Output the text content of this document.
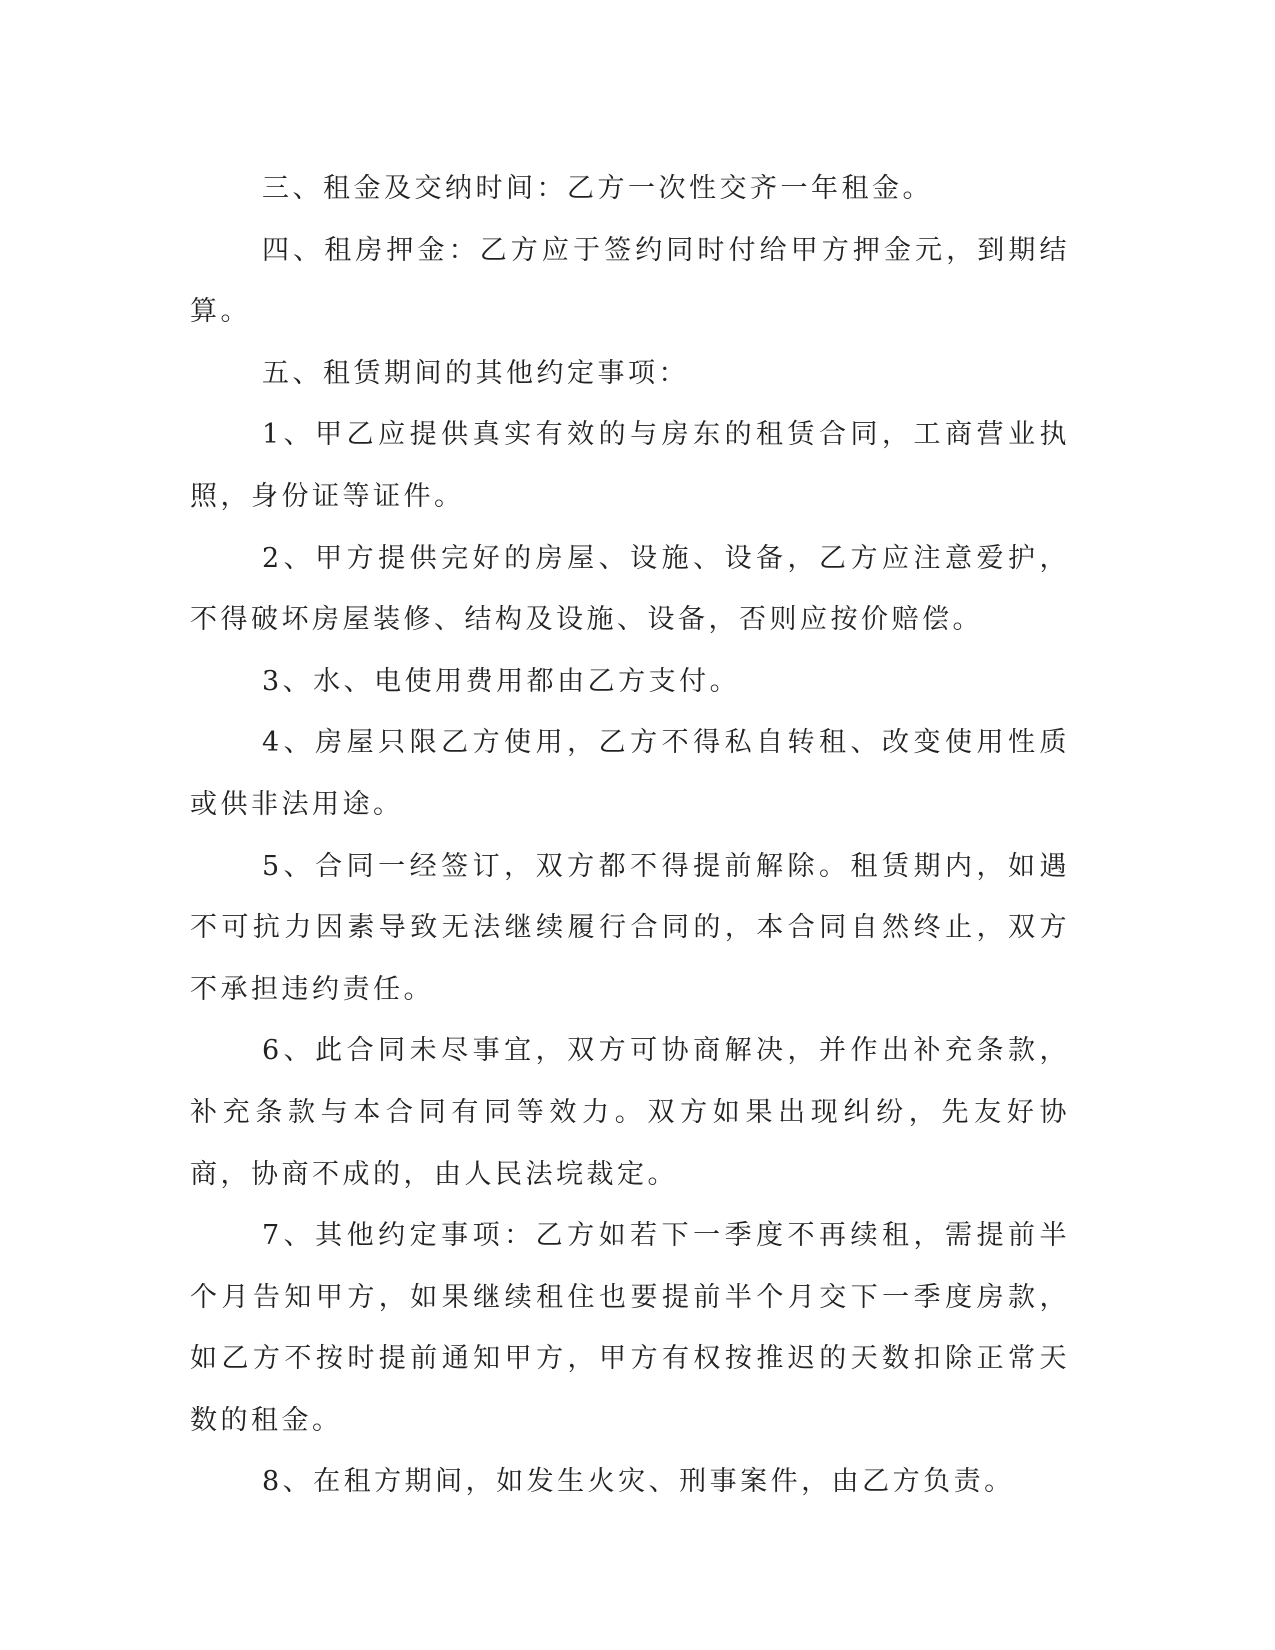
三、租金及交纳时间：乙方一次性交齐一年租金。

四、租房押金：乙方应于签约同时付给甲方押金元，到期结算。

五、租赁期间的其他约定事项：

1、甲乙应提供真实有效的与房东的租赁合同，工商营业执照，身份证等证件。

2、甲方提供完好的房屋、设施、设备，乙方应注意爱护，不得破坏房屋装修、结构及设施、设备，否则应按价赔偿。

3、水、电使用费用都由乙方支付。

4、房屋只限乙方使用，乙方不得私自转租、改变使用性质或供非法用途。

5、合同一经签订，双方都不得提前解除。租赁期内，如遇不可抗力因素导致无法继续履行合同的，本合同自然终止，双方不承担违约责任。

6、此合同未尽事宜，双方可协商解决，并作出补充条款，补充条款与本合同有同等效力。双方如果出现纠纷，先友好协商，协商不成的，由人民法垸裁定。

7、其他约定事项：乙方如若下一季度不再续租，需提前半个月告知甲方，如果继续租住也要提前半个月交下一季度房款，如乙方不按时提前通知甲方，甲方有权按推迟的天数扣除正常天数的租金。

8、在租方期间，如发生火灾、刑事案件，由乙方负责。
